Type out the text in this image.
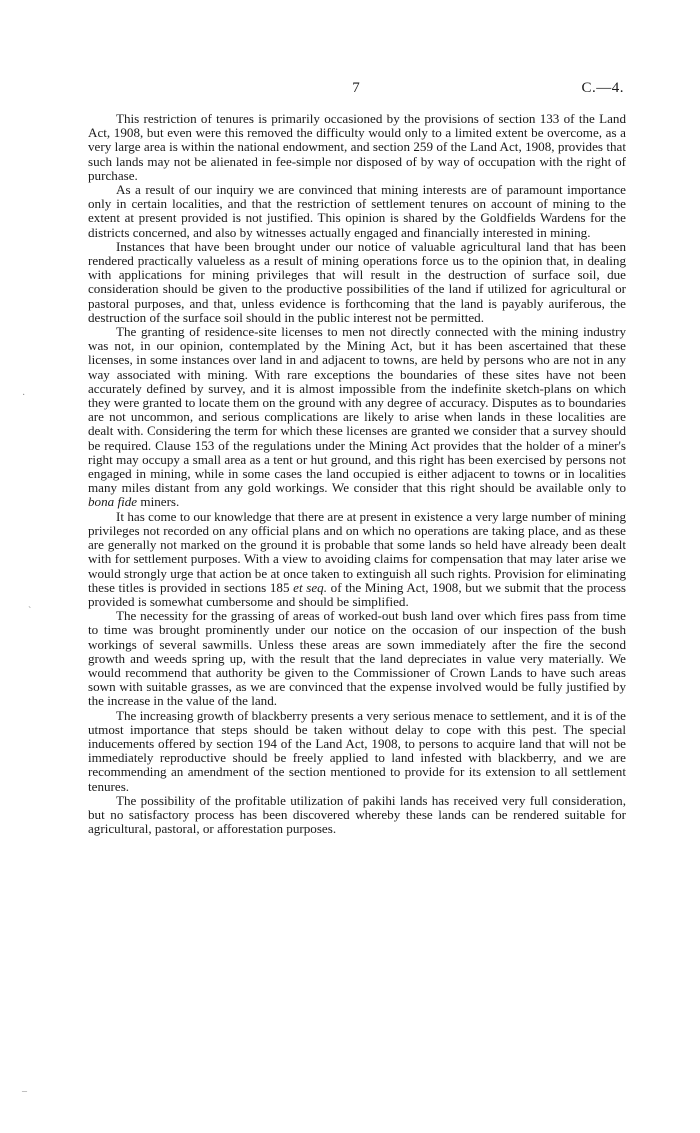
7	C.—4.

This restriction of tenures is primarily occasioned by the provisions of section 133 of the Land Act, 1908, but even were this removed the difficulty would only to a limited extent be overcome, as a very large area is within the national endowment, and section 259 of the Land Act, 1908, provides that such lands may not be alienated in fee-simple nor disposed of by way of occupation with the right of purchase.

As a result of our inquiry we are convinced that mining interests are of paramount importance only in certain localities, and that the restriction of settlement tenures on account of mining to the extent at present provided is not justified. This opinion is shared by the Goldfields Wardens for the districts concerned, and also by witnesses actually engaged and financially interested in mining.

Instances that have been brought under our notice of valuable agricultural land that has been rendered practically valueless as a result of mining operations force us to the opinion that, in dealing with applications for mining privileges that will result in the destruction of surface soil, due consideration should be given to the productive possibilities of the land if utilized for agricultural or pastoral purposes, and that, unless evidence is forthcoming that the land is payably auriferous, the destruction of the surface soil should in the public interest not be permitted.

The granting of residence-site licenses to men not directly connected with the mining industry was not, in our opinion, contemplated by the Mining Act, but it has been ascertained that these licenses, in some instances over land in and adjacent to towns, are held by persons who are not in any way associated with mining. With rare exceptions the boundaries of these sites have not been accurately defined by survey, and it is almost impossible from the indefinite sketch-plans on which they were granted to locate them on the ground with any degree of accuracy. Disputes as to boundaries are not uncommon, and serious complications are likely to arise when lands in these localities are dealt with. Considering the term for which these licenses are granted we consider that a survey should be required. Clause 153 of the regulations under the Mining Act provides that the holder of a miner's right may occupy a small area as a tent or hut ground, and this right has been exercised by persons not engaged in mining, while in some cases the land occupied is either adjacent to towns or in localities many miles distant from any gold workings. We consider that this right should be available only to bona fide miners.

It has come to our knowledge that there are at present in existence a very large number of mining privileges not recorded on any official plans and on which no operations are taking place, and as these are generally not marked on the ground it is probable that some lands so held have already been dealt with for settlement purposes. With a view to avoiding claims for compensation that may later arise we would strongly urge that action be at once taken to extinguish all such rights. Provision for eliminating these titles is provided in sections 185 et seq. of the Mining Act, 1908, but we submit that the process provided is somewhat cumbersome and should be simplified.

The necessity for the grassing of areas of worked-out bush land over which fires pass from time to time was brought prominently under our notice on the occasion of our inspection of the bush workings of several sawmills. Unless these areas are sown immediately after the fire the second growth and weeds spring up, with the result that the land depreciates in value very materially. We would recommend that authority be given to the Commissioner of Crown Lands to have such areas sown with suitable grasses, as we are convinced that the expense involved would be fully justified by the increase in the value of the land.

The increasing growth of blackberry presents a very serious menace to settlement, and it is of the utmost importance that steps should be taken without delay to cope with this pest. The special inducements offered by section 194 of the Land Act, 1908, to persons to acquire land that will not be immediately reproductive should be freely applied to land infested with blackberry, and we are recommending an amendment of the section mentioned to provide for its extension to all settlement tenures.

The possibility of the profitable utilization of pakihi lands has received very full consideration, but no satisfactory process has been discovered whereby these lands can be rendered suitable for agricultural, pastoral, or afforestation purposes.

·
`
–
